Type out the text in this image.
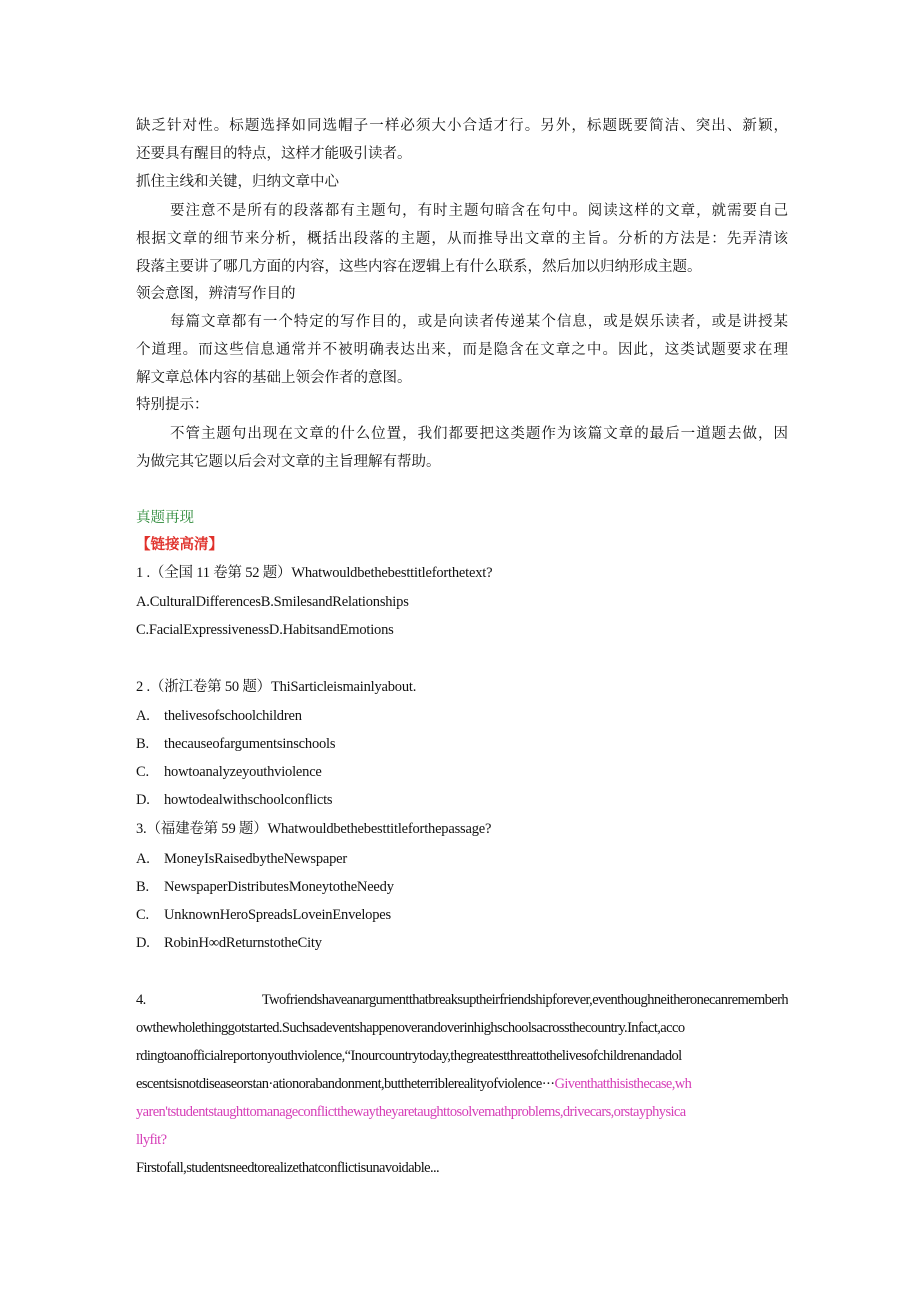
缺乏针对性。标题选择如同选帽子一样必须大小合适才行。另外，标题既要简洁、突出、新颖，
还要具有醒目的特点，这样才能吸引读者。
抓住主线和关键，归纳文章中心
要注意不是所有的段落都有主题句，有时主题句暗含在句中。阅读这样的文章，就需要自己
根据文章的细节来分析，概括出段落的主题，从而推导出文章的主旨。分析的方法是：先弄清该
段落主要讲了哪几方面的内容，这些内容在逻辑上有什么联系，然后加以归纳形成主题。
领会意图，辨清写作目的
每篇文章都有一个特定的写作目的，或是向读者传递某个信息，或是娱乐读者，或是讲授某
个道理。而这些信息通常并不被明确表达出来，而是隐含在文章之中。因此，这类试题要求在理
解文章总体内容的基础上领会作者的意图。
特别提示：
不管主题句出现在文章的什么位置，我们都要把这类题作为该篇文章的最后一道题去做，因
为做完其它题以后会对文章的主旨理解有帮助。
真题再现
【链接高清】
1 .（全国 11 卷第 52 题）Whatwouldbethebesttitleforthetext?
A.CulturalDifferencesB.SmilesandRelationships
C.FacialExpressivenessD.HabitsandEmotions
2 .（浙江卷第 50 题）ThiSarticleismainlyabout.
A. thelivesofschoolchildren
B. thecauseofargumentsinschools
C. howtoanalyzeyouthviolence
D. howtodealwithschoolconflicts
3.（福建卷第 59 题）Whatwouldbethebesttitleforthepassage?
A. MoneyIsRaisedbytheNewspaper
B. NewspaperDistributesMoneytotheNeedy
C. UnknownHeroSpreadsLoveinEnvelopes
D. RobinH∞dReturnstotheCity
4. Twofriendshaveanargumentthatbreaksuptheirfriendshipforever,eventhoughneitheronecanrememberh
owthewholethinggotstarted.Suchsadeventshappenoverandoverinhighschoolsacrossthecountry.Infact,acco
rdingtoanofficialreportonyouthviolence,“Inourcountrytoday,thegreatestthreattothelivesofchildrenandadol
escentsisnotdiseaseorstan·ationorabandonment,buttheterriblerealityofviolence···Giventhatthisisthecase,wh
yaren'tstudentstaughttomanageconflictthewaytheyaretaughttosolvemathproblems,drivecars,orstayphysica
llyfit?
Firstofall,studentsneedtorealizethatconflictisunavoidable...
